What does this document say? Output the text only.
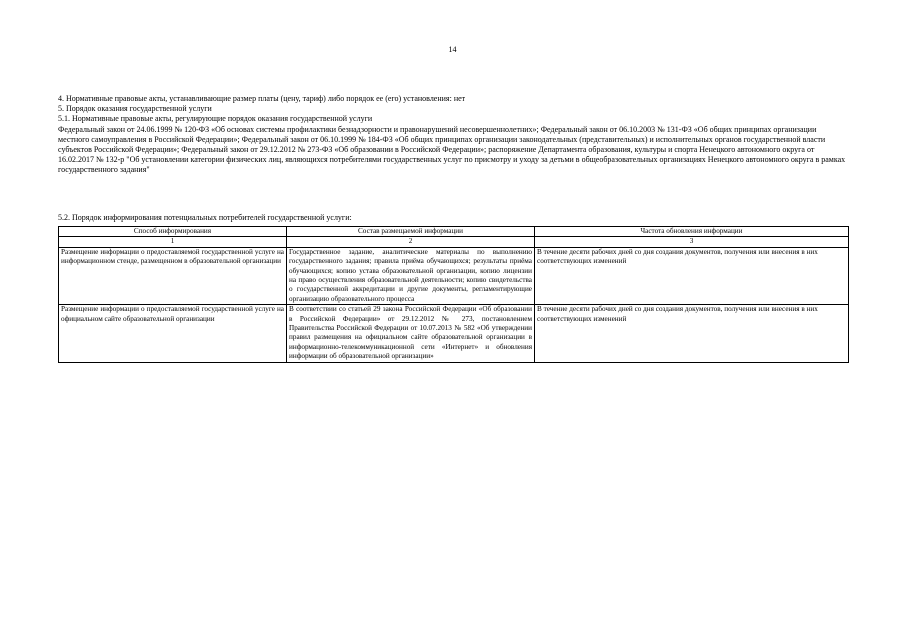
14

4. Нормативные правовые акты, устанавливающие размер платы (цену, тариф) либо порядок ее (его) установления: нет

5. Порядок оказания государственной услуги

5.1. Нормативные правовые акты, регулирующие порядок оказания государственной услуги

Федеральный закон от 24.06.1999 № 120-ФЗ «Об основах системы профилактики безнадзорности и правонарушений несовершеннолетних»; Федеральный закон от 06.10.2003 № 131-ФЗ «Об общих принципах организации местного самоуправления в Российской Федерации»; Федеральный закон от 06.10.1999 № 184-ФЗ «Об общих принципах организации законодательных (представительных) и исполнительных органов государственной власти субъектов Российской Федерации»; Федеральный закон от 29.12.2012 № 273-ФЗ «Об образовании в Российской Федерации»; распоряжение Департамента образования, культуры и спорта Ненецкого автономного округа от 16.02.2017 № 132-р "Об установлении категории физических лиц, являющихся потребителями государственных услуг по присмотру и уходу за детьми в общеобразовательных организациях Ненецкого автономного округа в рамках государственного задания"

5.2. Порядок информирования потенциальных потребителей государственной услуги:
Способ информирования	Состав размещаемой информации	Частота обновления информации
1	2	3
Размещение информации о предоставляемой государственной услуге на информационном стенде, размещенном в образовательной организации	Государственное задание, аналитические материалы по выполнению государственного задания; правила приёма обучающихся; результаты приёма обучающихся; копию устава образовательной организации, копию лицензии на право осуществления образовательной деятельности; копию свидетельства о государственной аккредитации и другие документы, регламентирующие организацию образовательного процесса	В течение десяти рабочих дней со дня создания документов, получения или внесения в них соответствующих изменений
Размещение информации о предоставляемой государственной услуге на официальном сайте образовательной организации	В соответствии со статьей 29 закона Российской Федерации «Об образовании в Российской Федерации» от 29.12.2012 № 273, постановлением Правительства Российской Федерации от 10.07.2013 № 582 «Об утверждении правил размещения на официальном сайте образовательной организации в информационно-телекоммуникационной сети «Интернет» и обновления информации об образовательной организации»	В течение десяти рабочих дней со дня создания документов, получения или внесения в них соответствующих изменений
